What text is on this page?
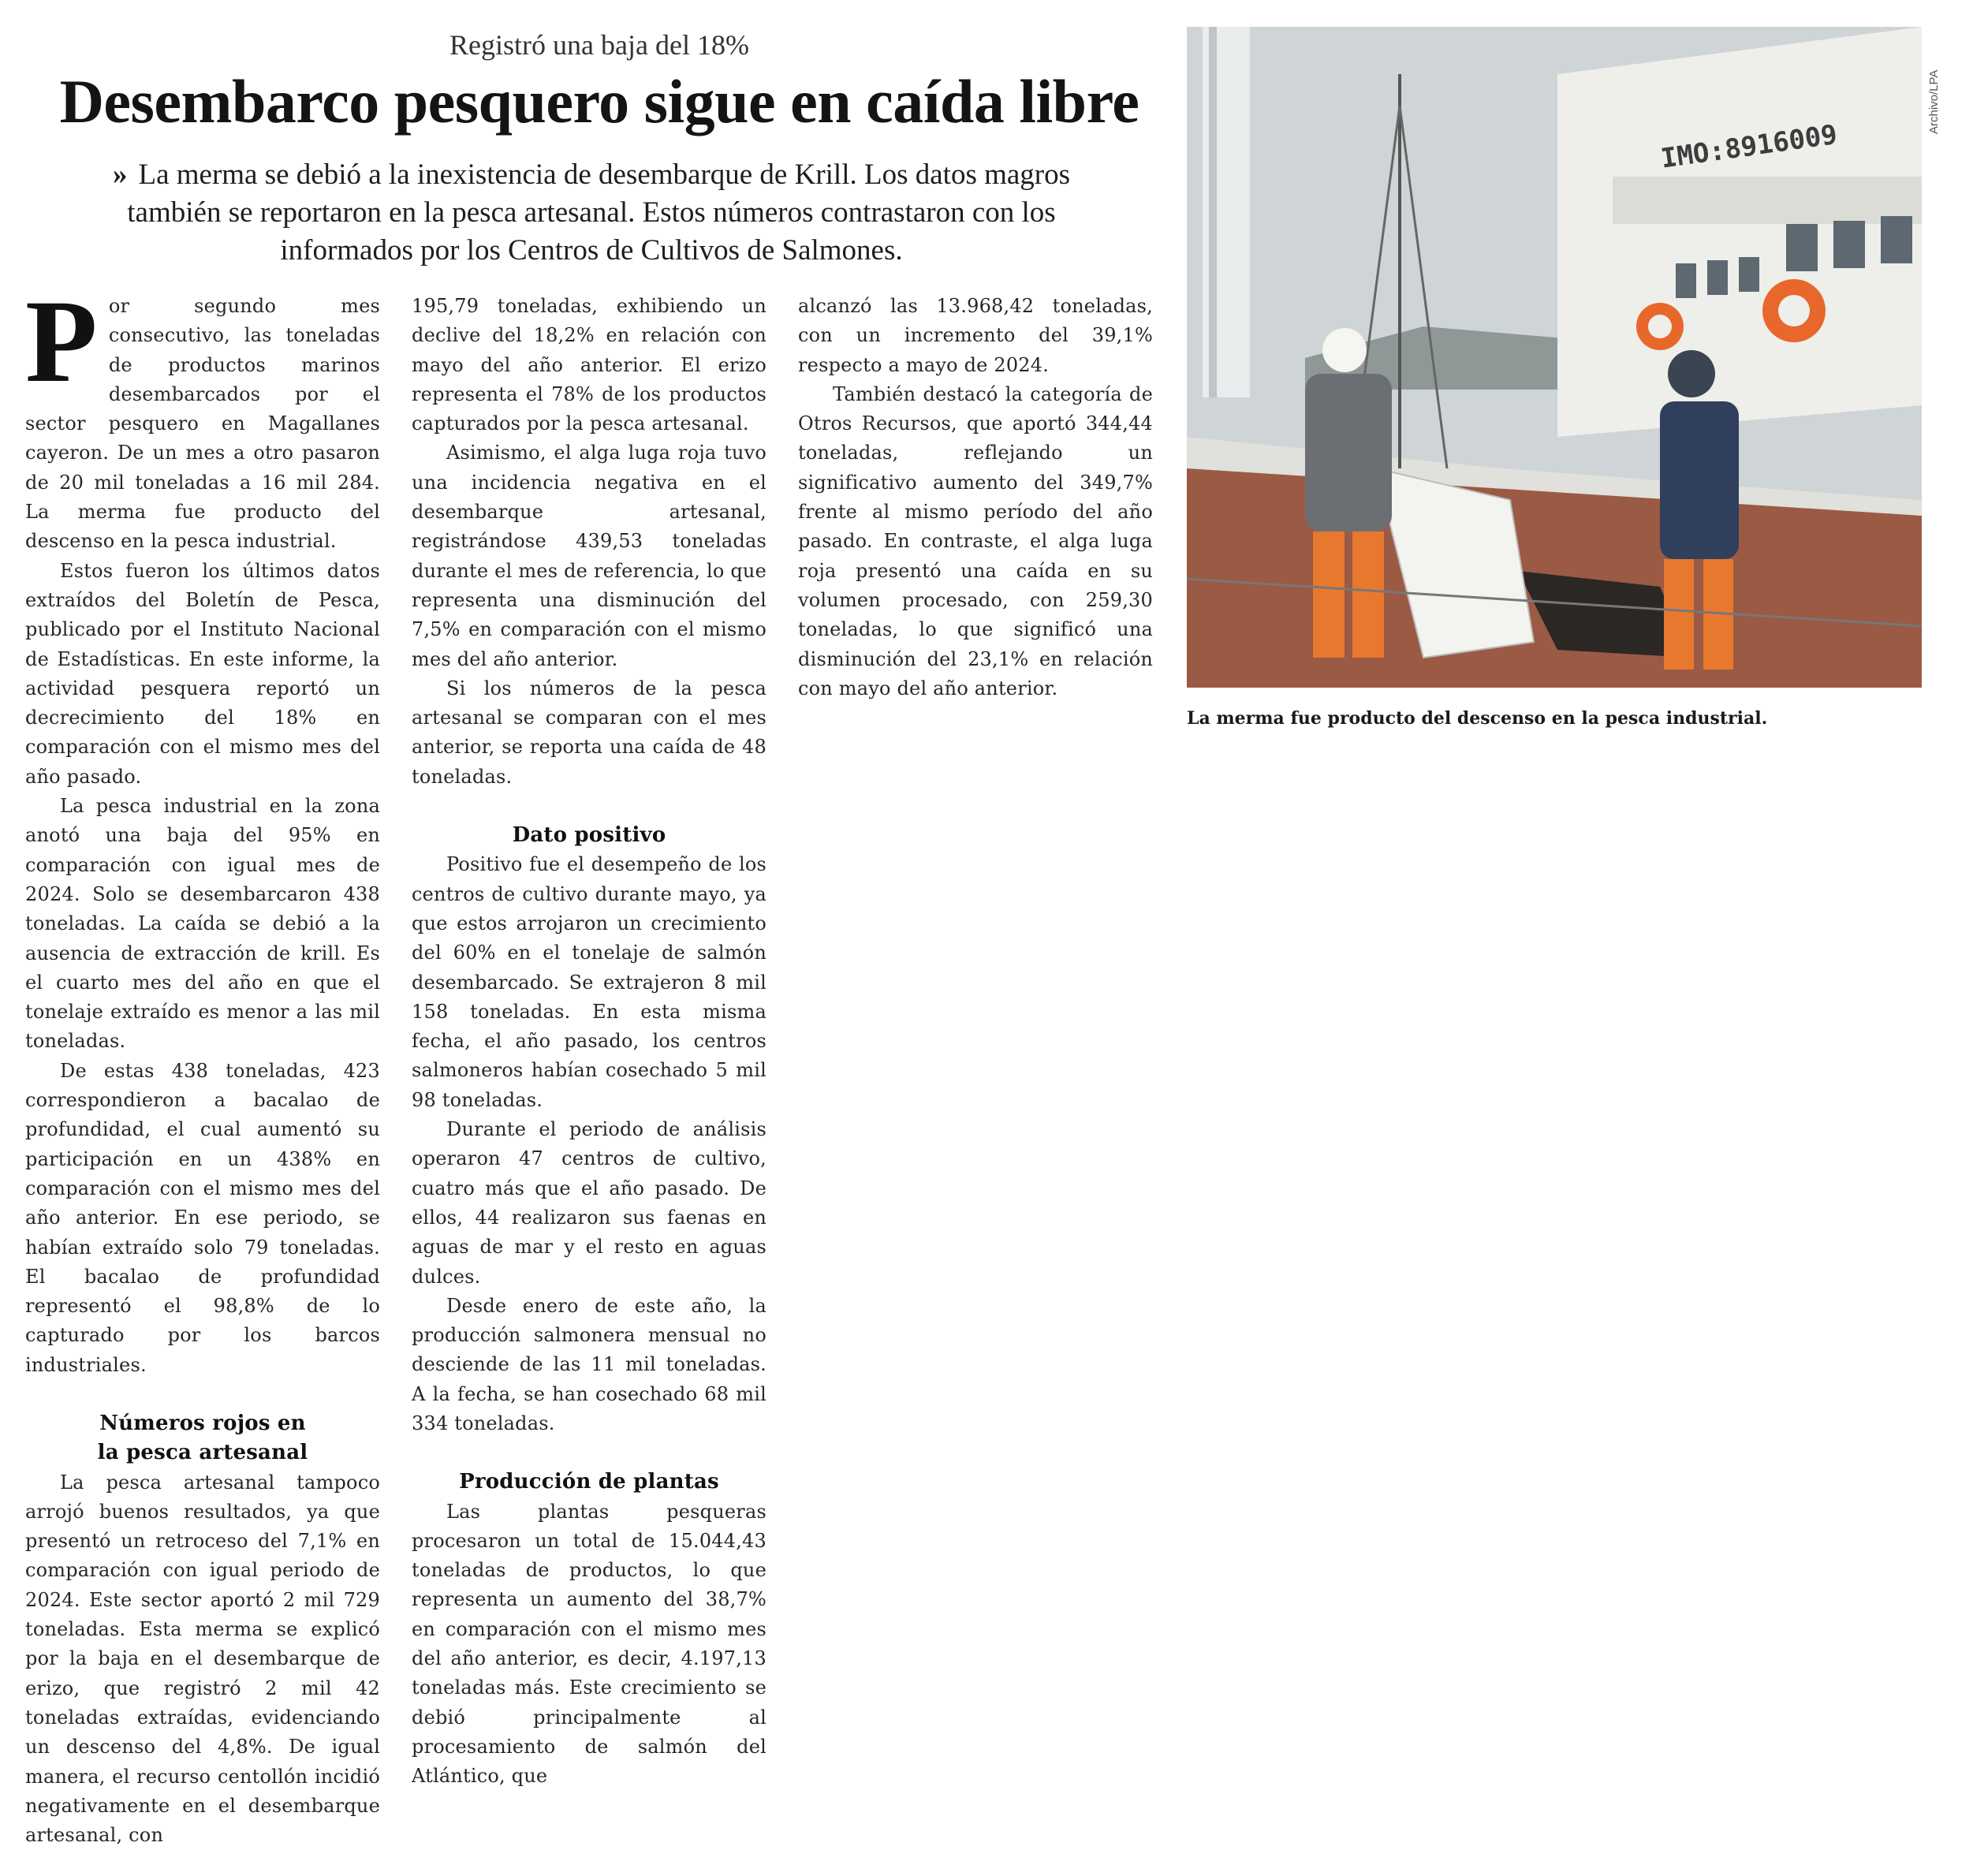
Registró una baja del 18%
Desembarco pesquero sigue en caída libre
» La merma se debió a la inexistencia de desembarque de Krill. Los datos magros también se reportaron en la pesca artesanal. Estos números contrastaron con los informados por los Centros de Cultivos de Salmones.

Por segundo mes consecutivo, las toneladas de productos marinos desembarcados por el sector pesquero en Magallanes cayeron. De un mes a otro pasaron de 20 mil toneladas a 16 mil 284. La merma fue producto del descenso en la pesca industrial.

Estos fueron los últimos datos extraídos del Boletín de Pesca, publicado por el Instituto Nacional de Estadísticas. En este informe, la actividad pesquera reportó un decrecimiento del 18% en comparación con el mismo mes del año pasado.

La pesca industrial en la zona anotó una baja del 95% en comparación con igual mes de 2024. Solo se desembarcaron 438 toneladas. La caída se debió a la ausencia de extracción de krill. Es el cuarto mes del año en que el tonelaje extraído es menor a las mil toneladas.

De estas 438 toneladas, 423 correspondieron a bacalao de profundidad, el cual aumentó su participación en un 438% en comparación con el mismo mes del año anterior. En ese periodo, se habían extraído solo 79 toneladas. El bacalao de profundidad representó el 98,8% de lo capturado por los barcos industriales.

Números rojos en
la pesca artesanal

La pesca artesanal tampoco arrojó buenos resultados, ya que presentó un retroceso del 7,1% en comparación con igual periodo de 2024. Este sector aportó 2 mil 729 toneladas. Esta merma se explicó por la baja en el desembarque de erizo, que registró 2 mil 42 toneladas extraídas, evidenciando un descenso del 4,8%. De igual manera, el recurso centollón incidió negativamente en el desembarque artesanal, con

195,79 toneladas, exhibiendo un declive del 18,2% en relación con mayo del año anterior. El erizo representa el 78% de los productos capturados por la pesca artesanal.

Asimismo, el alga luga roja tuvo una incidencia negativa en el desembarque artesanal, registrándose 439,53 toneladas durante el mes de referencia, lo que representa una disminución del 7,5% en comparación con el mismo mes del año anterior.

Si los números de la pesca artesanal se comparan con el mes anterior, se reporta una caída de 48 toneladas.

Dato positivo

Positivo fue el desempeño de los centros de cultivo durante mayo, ya que estos arrojaron un crecimiento del 60% en el tonelaje de salmón desembarcado. Se extrajeron 8 mil 158 toneladas. En esta misma fecha, el año pasado, los centros salmoneros habían cosechado 5 mil 98 toneladas.

Durante el periodo de análisis operaron 47 centros de cultivo, cuatro más que el año pasado. De ellos, 44 realizaron sus faenas en aguas de mar y el resto en aguas dulces.

Desde enero de este año, la producción salmonera mensual no desciende de las 11 mil toneladas. A la fecha, se han cosechado 68 mil 334 toneladas.

Producción de plantas

Las plantas pesqueras procesaron un total de 15.044,43 toneladas de productos, lo que representa un aumento del 38,7% en comparación con el mismo mes del año anterior, es decir, 4.197,13 toneladas más. Este crecimiento se debió principalmente al procesamiento de salmón del Atlántico, que

alcanzó las 13.968,42 toneladas, con un incremento del 39,1% respecto a mayo de 2024.

También destacó la categoría de Otros Recursos, que aportó 344,44 toneladas, reflejando un significativo aumento del 349,7% frente al mismo período del año pasado. En contraste, el alga luga roja presentó una caída en su volumen procesado, con 259,30 toneladas, lo que significó una disminución del 23,1% en relación con mayo del año anterior.

IMO:8916009
Archivo/LPA
La merma fue producto del descenso en la pesca industrial.
